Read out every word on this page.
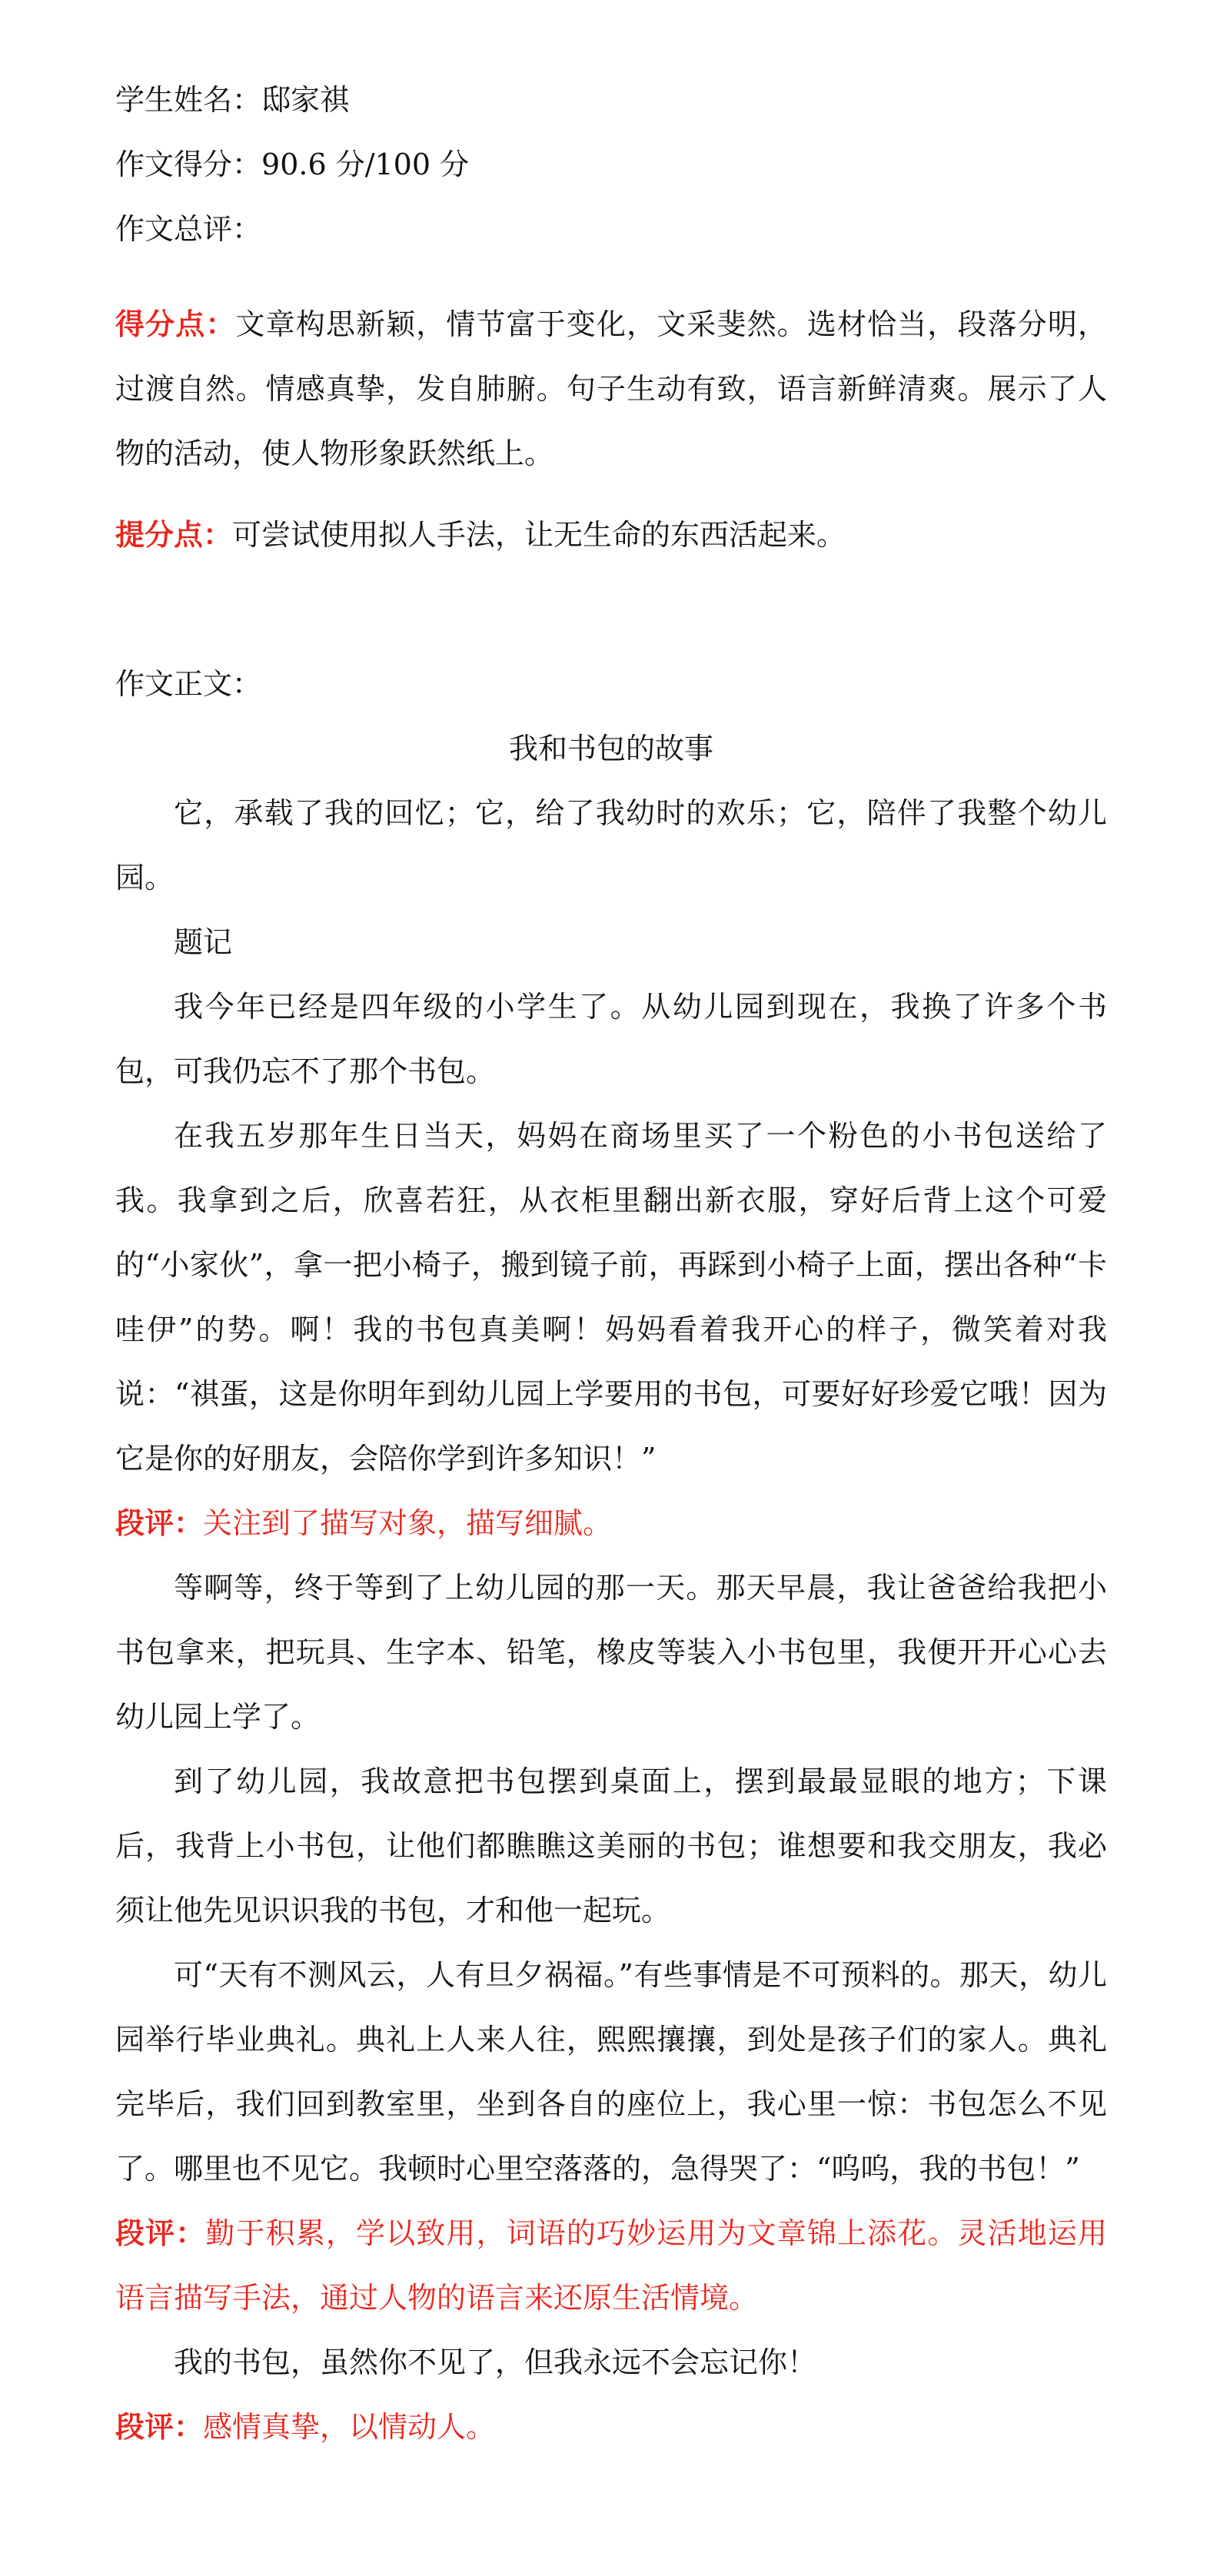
学生姓名：邸家祺

作文得分：90.6 分/100 分

作文总评：

得分点：文章构思新颖，情节富于变化，文采斐然。选材恰当，段落分明，过渡自然。情感真挚，发自肺腑。句子生动有致，语言新鲜清爽。展示了人物的活动，使人物形象跃然纸上。

提分点：可尝试使用拟人手法，让无生命的东西活起来。

作文正文：

我和书包的故事

它，承载了我的回忆；它，给了我幼时的欢乐；它，陪伴了我整个幼儿园。

题记

我今年已经是四年级的小学生了。从幼儿园到现在，我换了许多个书包，可我仍忘不了那个书包。

在我五岁那年生日当天，妈妈在商场里买了一个粉色的小书包送给了我。我拿到之后，欣喜若狂，从衣柜里翻出新衣服，穿好后背上这个可爱的“小家伙”，拿一把小椅子，搬到镜子前，再踩到小椅子上面，摆出各种“卡哇伊”的势。啊！我的书包真美啊！妈妈看着我开心的样子，微笑着对我说：“祺蛋，这是你明年到幼儿园上学要用的书包，可要好好珍爱它哦！因为它是你的好朋友，会陪你学到许多知识！”

段评：关注到了描写对象，描写细腻。

等啊等，终于等到了上幼儿园的那一天。那天早晨，我让爸爸给我把小书包拿来，把玩具、生字本、铅笔，橡皮等装入小书包里，我便开开心心去幼儿园上学了。

到了幼儿园，我故意把书包摆到桌面上，摆到最最显眼的地方；下课后，我背上小书包，让他们都瞧瞧这美丽的书包；谁想要和我交朋友，我必须让他先见识识我的书包，才和他一起玩。

可“天有不测风云，人有旦夕祸福。”有些事情是不可预料的。那天，幼儿园举行毕业典礼。典礼上人来人往，熙熙攘攘，到处是孩子们的家人。典礼完毕后，我们回到教室里，坐到各自的座位上，我心里一惊：书包怎么不见了。哪里也不见它。我顿时心里空落落的，急得哭了：“呜呜，我的书包！”

段评：勤于积累，学以致用，词语的巧妙运用为文章锦上添花。灵活地运用语言描写手法，通过人物的语言来还原生活情境。

我的书包，虽然你不见了，但我永远不会忘记你！

段评：感情真挚，以情动人。
